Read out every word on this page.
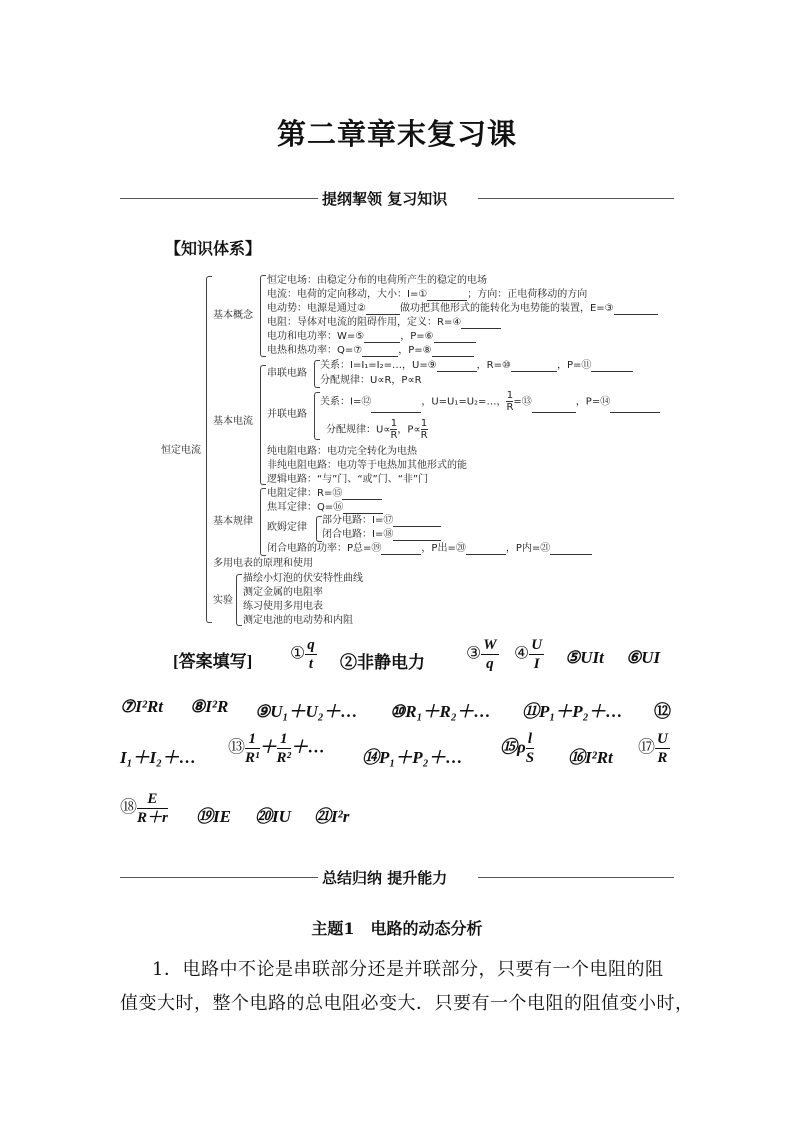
第二章章末复习课
提纲挈领 复习知识
【知识体系】
恒定电流
基本概念
恒定电场：由稳定分布的电荷所产生的稳定的电场
电流：电荷的定向移动，大小：I=①	；方向：正电荷移动的方向
电动势：电源是通过②	做功把其他形式的能转化为电势能的装置，E=③
电阻：导体对电流的阻碍作用，定义：R=④
电功和电功率：W=⑤	，P=⑥
电热和热功率：Q=⑦	，P=⑧
基本电流
串联电路
关系：I=I₁=I₂=…，U=⑨	，R=⑩	，P=⑪
分配规律：U∝R，P∝R
并联电路
关系：I=⑫	，U=U₁=U₂=…， $\frac{1}{R}$ =⑬	，P=⑭
分配规律：$U\propto \frac{1}{R}$ ，$P\propto \frac{1}{R}$
纯电阻电路：电功完全转化为电热
非纯电阻电路：电功等于电热加其他形式的能
逻辑电路：“与”门、“或”门、“非”门
基本规律
电阻定律：R=⑮
焦耳定律：Q=⑯
欧姆定律
部分电路：I=⑰
闭合电路：I=⑱
闭合电路的功率：P总=⑲	，P出=⑳	，P内=㉑
多用电表的原理和使用
实验
描绘小灯泡的伏安特性曲线
测定金属的电阻率
练习使用多用电表
测定电池的电动势和内阻
[答案填写] ① $\frac{q}{t}$ ②非静电力
③ $\frac{W}{q}$ ④ $\frac{U}{I}$ ⑤UIt ⑥UI
⑦I²Rt ⑧I²R ⑨U₁＋U₂＋… ⑩R₁＋R₂＋… ⑪P₁＋P₂＋… ⑫
I₁＋I₂＋…
⑬ $\frac{1}{\text{R¹}} + \frac{1}{\text{R²}}$ ＋…
⑭P₁＋P₂＋…
⑮ρ $\frac{l}{S}$ ⑯I²Rt
⑰ $\frac{U}{R}$
⑱ $\frac{E}{R+r}$ ⑲IE ⑳IU ㉑I²r
总结归纳 提升能力
主题1　电路的动态分析
1．电路中不论是串联部分还是并联部分，只要有一个电阻的阻
值变大时，整个电路的总电阻必变大．只要有一个电阻的阻值变小时，
